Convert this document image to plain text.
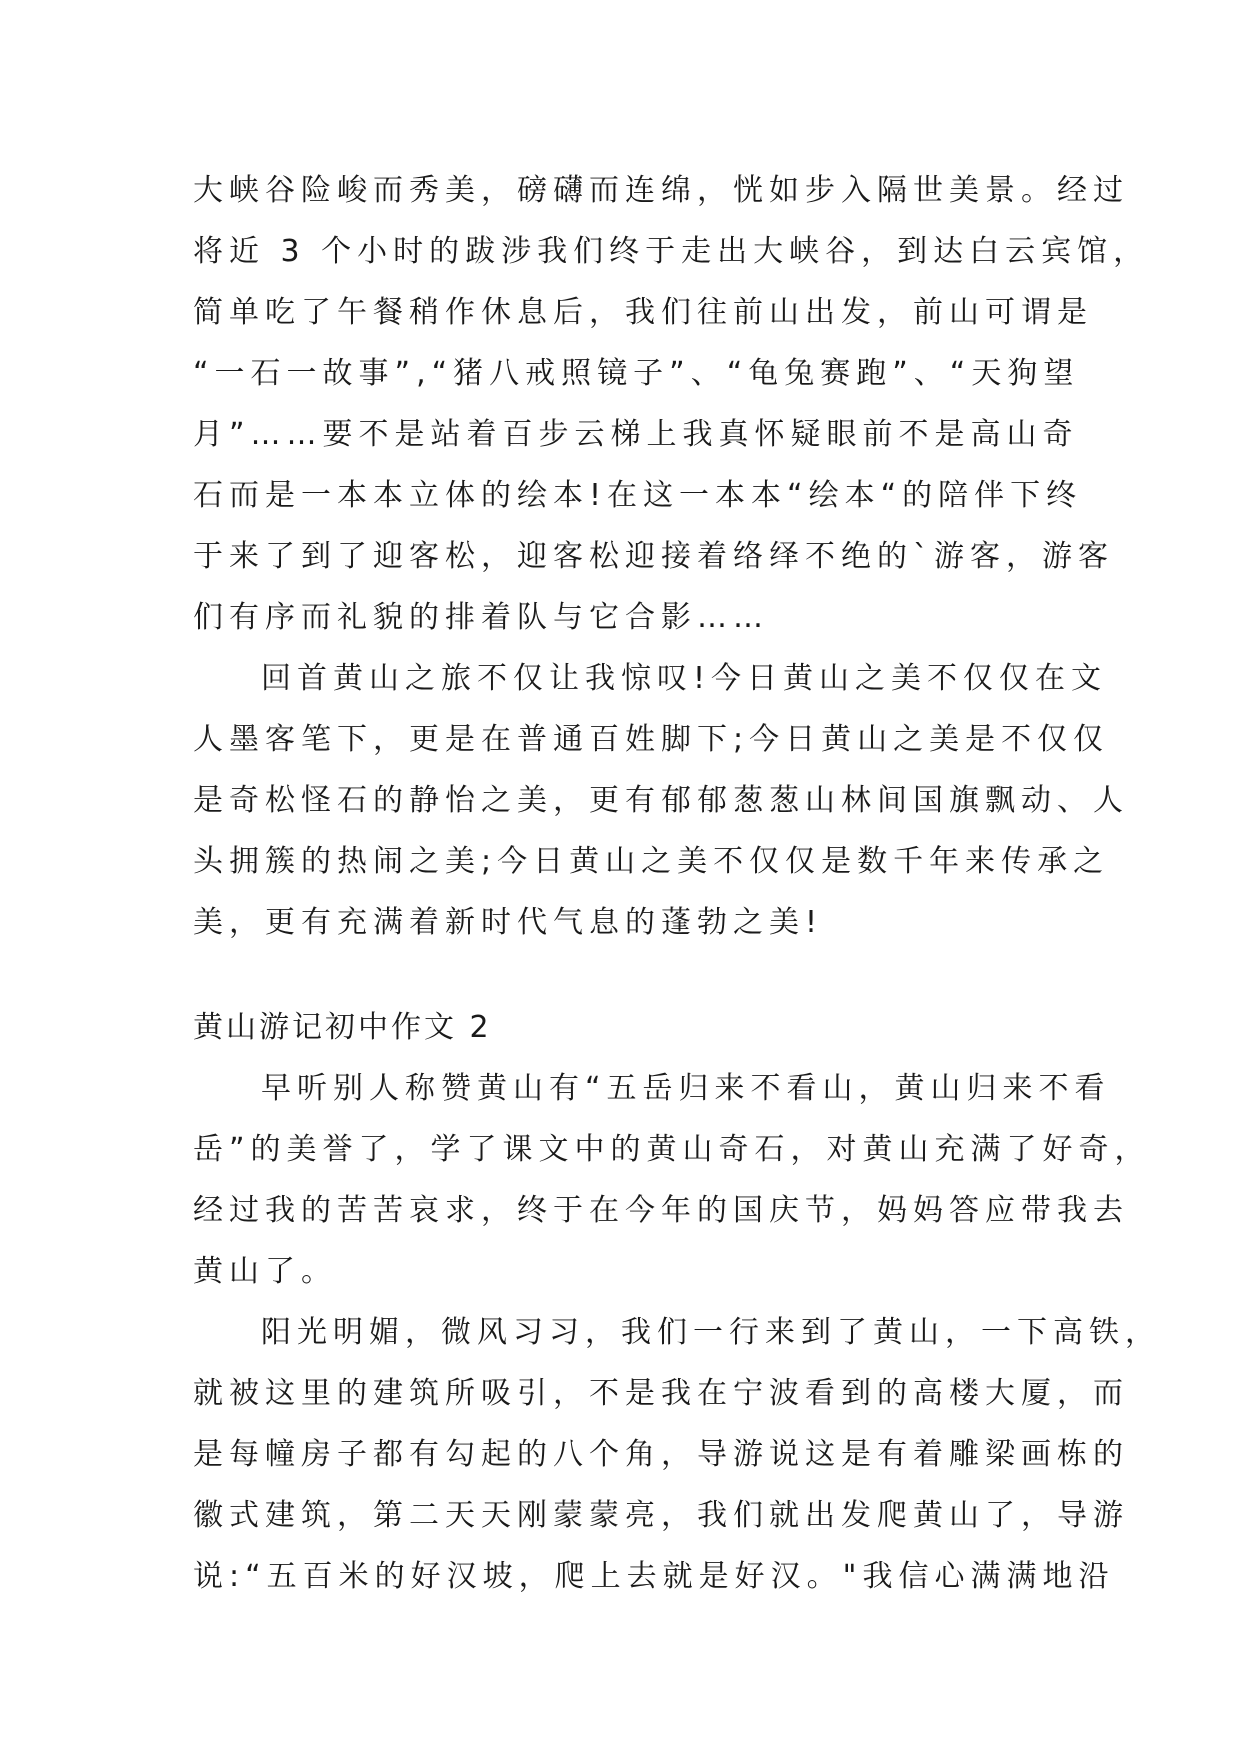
大峡谷险峻而秀美，磅礴而连绵，恍如步入隔世美景。经过
将近 3 个小时的跋涉我们终于走出大峡谷，到达白云宾馆，
简单吃了午餐稍作休息后，我们往前山出发，前山可谓是
“一石一故事”,“猪八戒照镜子”、“龟兔赛跑”、“天狗望
月”……要不是站着百步云梯上我真怀疑眼前不是高山奇
石而是一本本立体的绘本!在这一本本“绘本“的陪伴下终
于来了到了迎客松，迎客松迎接着络绎不绝的`游客，游客
们有序而礼貌的排着队与它合影……
回首黄山之旅不仅让我惊叹!今日黄山之美不仅仅在文
人墨客笔下，更是在普通百姓脚下;今日黄山之美是不仅仅
是奇松怪石的静怡之美，更有郁郁葱葱山林间国旗飘动、人
头拥簇的热闹之美;今日黄山之美不仅仅是数千年来传承之
美，更有充满着新时代气息的蓬勃之美!
黄山游记初中作文 2
早听别人称赞黄山有“五岳归来不看山，黄山归来不看
岳”的美誉了，学了课文中的黄山奇石，对黄山充满了好奇，
经过我的苦苦哀求，终于在今年的国庆节，妈妈答应带我去
黄山了。
阳光明媚，微风习习，我们一行来到了黄山，一下高铁，
就被这里的建筑所吸引，不是我在宁波看到的高楼大厦，而
是每幢房子都有勾起的八个角，导游说这是有着雕梁画栋的
徽式建筑，第二天天刚蒙蒙亮，我们就出发爬黄山了，导游
说:“五百米的好汉坡，爬上去就是好汉。"我信心满满地沿
